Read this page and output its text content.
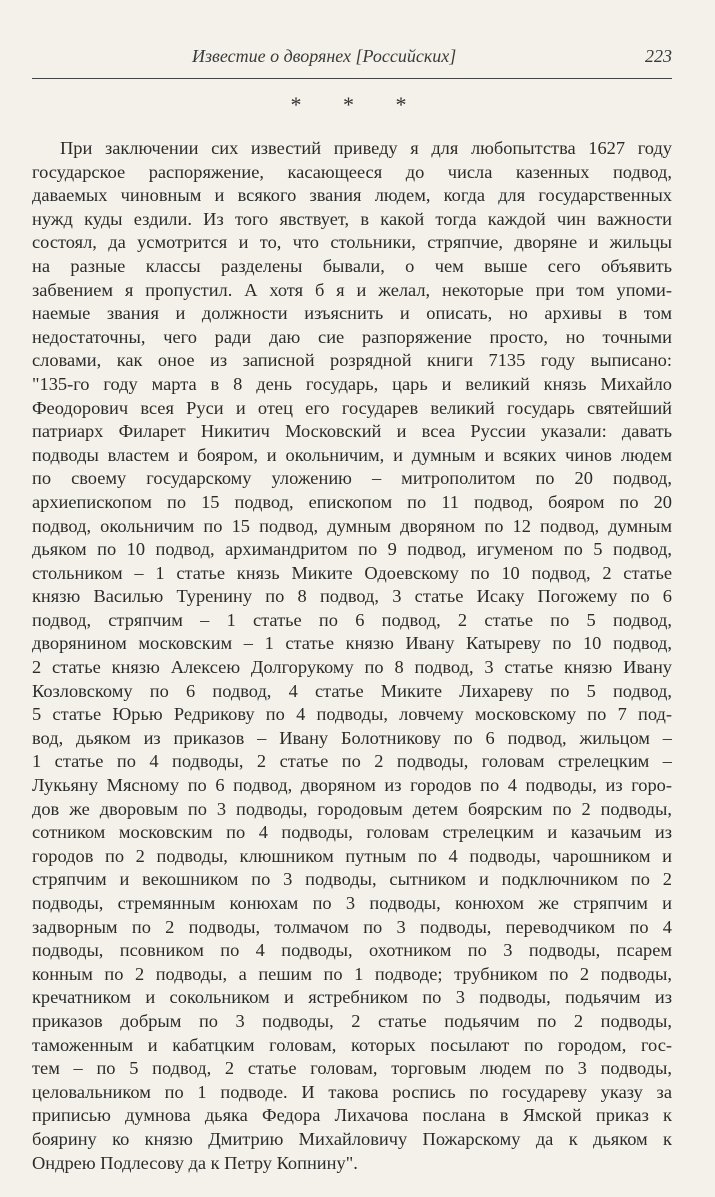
Известие о дворянех [Российских]	223
* * *
При заключении сих известий приведу я для любопытства 1627 году
государское распоряжение, касающееся до числа казенных подвод,
даваемых чиновным и всякого звания людем, когда для государственных
нужд куды ездили. Из того явствует, в какой тогда каждой чин важности
состоял, да усмотрится и то, что стольники, стряпчие, дворяне и жильцы
на разные классы разделены бывали, о чем выше сего объявить
забвением я пропустил. А хотя б я и желал, некоторые при том упоми-
наемые звания и должности изъяснить и описать, но архивы в том
недостаточны, чего ради даю сие разпоряжение просто, но точными
словами, как оное из записной розрядной книги 7135 году выписано:
"135-го году марта в 8 день государь, царь и великий князь Михайло
Феодорович всея Руси и отец его государев великий государь святейший
патриарх Филарет Никитич Московский и всеа Руссии указали: давать
подводы властем и бояром, и окольничим, и думным и всяких чинов людем
по своему государскому уложению – митрополитом по 20 подвод,
архиепископом по 15 подвод, епископом по 11 подвод, бояром по 20
подвод, окольничим по 15 подвод, думным дворяном по 12 подвод, думным
дьяком по 10 подвод, архимандритом по 9 подвод, игуменом по 5 подвод,
стольником – 1 статье князь Миките Одоевскому по 10 подвод, 2 статье
князю Василью Туренину по 8 подвод, 3 статье Исаку Погожему по 6
подвод, стряпчим – 1 статье по 6 подвод, 2 статье по 5 подвод,
дворянином московским – 1 статье князю Ивану Катыреву по 10 подвод,
2 статье князю Алексею Долгорукому по 8 подвод, 3 статье князю Ивану
Козловскому по 6 подвод, 4 статье Миките Лихареву по 5 подвод,
5 статье Юрью Редрикову по 4 подводы, ловчему московскому по 7 под-
вод, дьяком из приказов – Ивану Болотникову по 6 подвод, жильцом –
1 статье по 4 подводы, 2 статье по 2 подводы, головам стрелецким –
Лукьяну Мясному по 6 подвод, дворяном из городов по 4 подводы, из горо-
дов же дворовым по 3 подводы, городовым детем боярским по 2 подводы,
сотником московским по 4 подводы, головам стрелецким и казачьим из
городов по 2 подводы, клюшником путным по 4 подводы, чарошником и
стряпчим и векошником по 3 подводы, сытником и подключником по 2
подводы, стремянным конюхам по 3 подводы, конюхом же стряпчим и
задворным по 2 подводы, толмачом по 3 подводы, переводчиком по 4
подводы, псовником по 4 подводы, охотником по 3 подводы, псарем
конным по 2 подводы, а пешим по 1 подводе; трубником по 2 подводы,
кречатником и сокольником и ястребником по 3 подводы, подьячим из
приказов добрым по 3 подводы, 2 статье подьячим по 2 подводы,
таможенным и кабатцким головам, которых посылают по городом, гос-
тем – по 5 подвод, 2 статье головам, торговым людем по 3 подводы,
целовальником по 1 подводе. И такова роспись по государеву указу за
приписью думнова дьяка Федора Лихачова послана в Ямской приказ к
боярину ко князю Дмитрию Михайловичу Пожарскому да к дьяком к
Ондрею Подлесову да к Петру Копнину".
